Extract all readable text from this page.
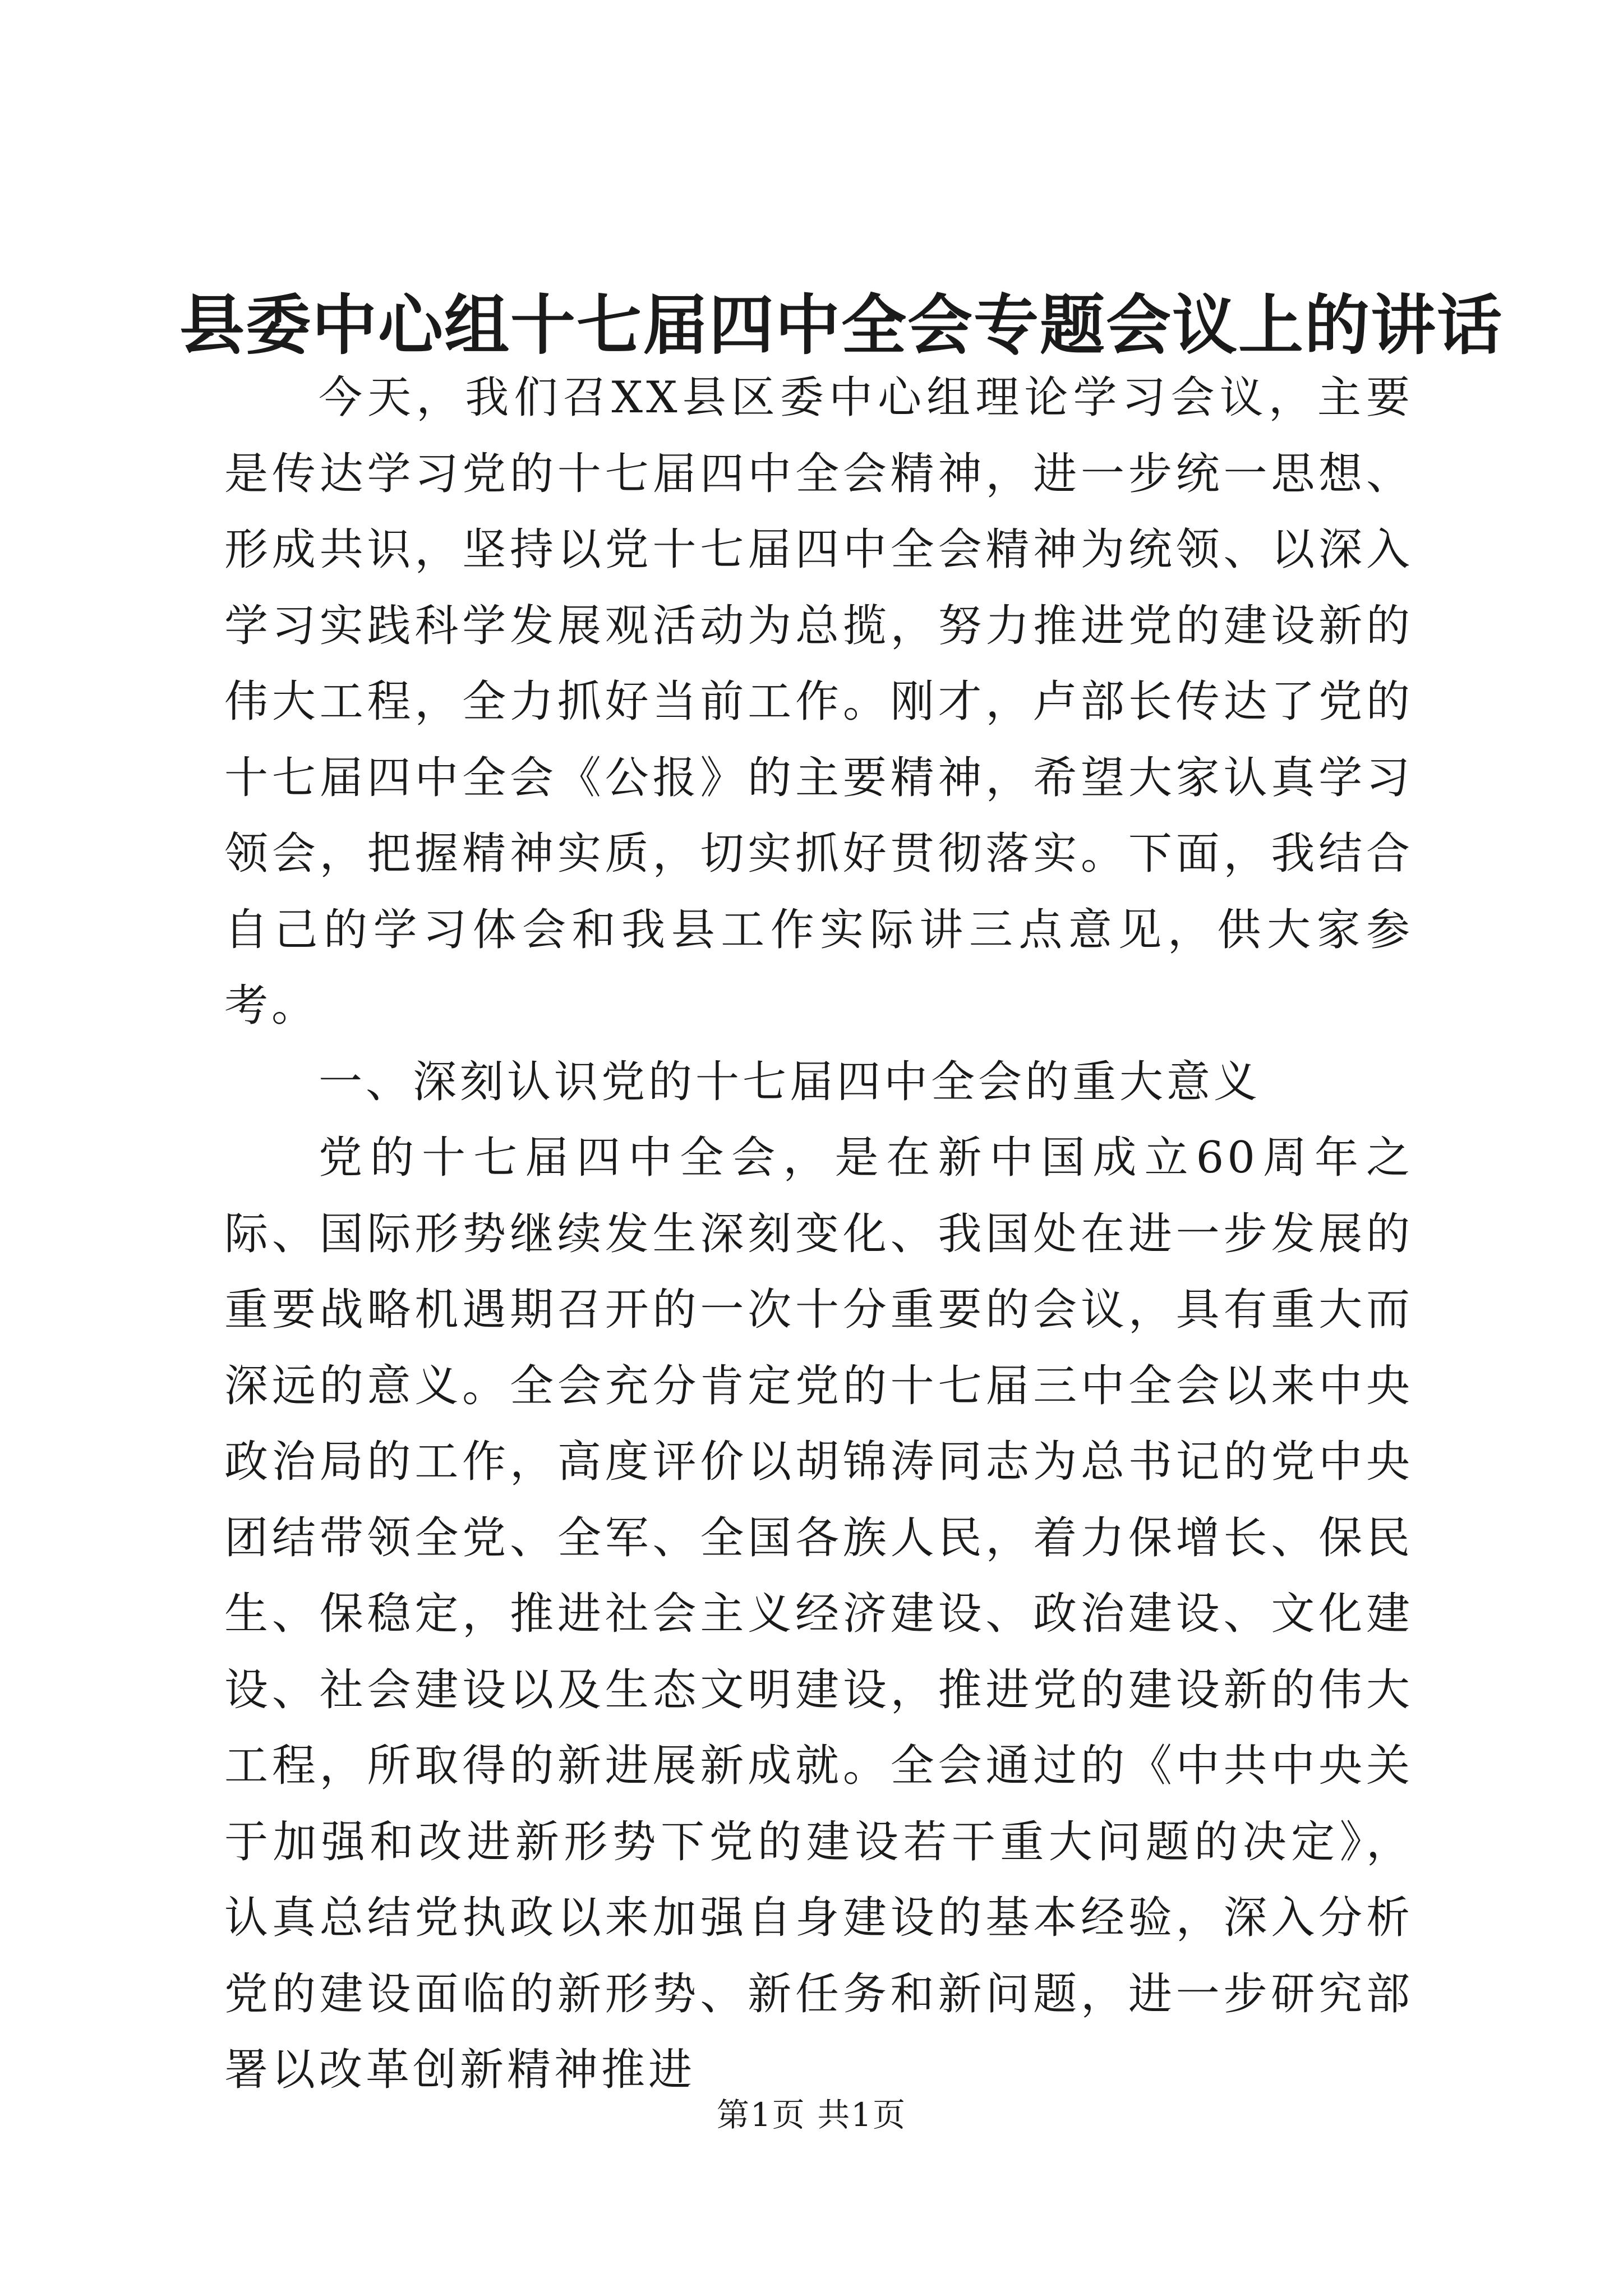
县委中心组十七届四中全会专题会议上的讲话

今天，我们召XX县区委中心组理论学习会议，主要是传达学习党的十七届四中全会精神，进一步统一思想、形成共识，坚持以党十七届四中全会精神为统领、以深入学习实践科学发展观活动为总揽，努力推进党的建设新的伟大工程，全力抓好当前工作。刚才，卢部长传达了党的十七届四中全会《公报》的主要精神，希望大家认真学习领会，把握精神实质，切实抓好贯彻落实。下面，我结合自己的学习体会和我县工作实际讲三点意见，供大家参考。

一、深刻认识党的十七届四中全会的重大意义

党的十七届四中全会，是在新中国成立60周年之际、国际形势继续发生深刻变化、我国处在进一步发展的重要战略机遇期召开的一次十分重要的会议，具有重大而深远的意义。全会充分肯定党的十七届三中全会以来中央政治局的工作，高度评价以胡锦涛同志为总书记的党中央团结带领全党、全军、全国各族人民，着力保增长、保民生、保稳定，推进社会主义经济建设、政治建设、文化建设、社会建设以及生态文明建设，推进党的建设新的伟大工程，所取得的新进展新成就。全会通过的《中共中央关于加强和改进新形势下党的建设若干重大问题的决定》，认真总结党执政以来加强自身建设的基本经验，深入分析党的建设面临的新形势、新任务和新问题，进一步研究部署以改革创新精神推进

第1页 共1页
